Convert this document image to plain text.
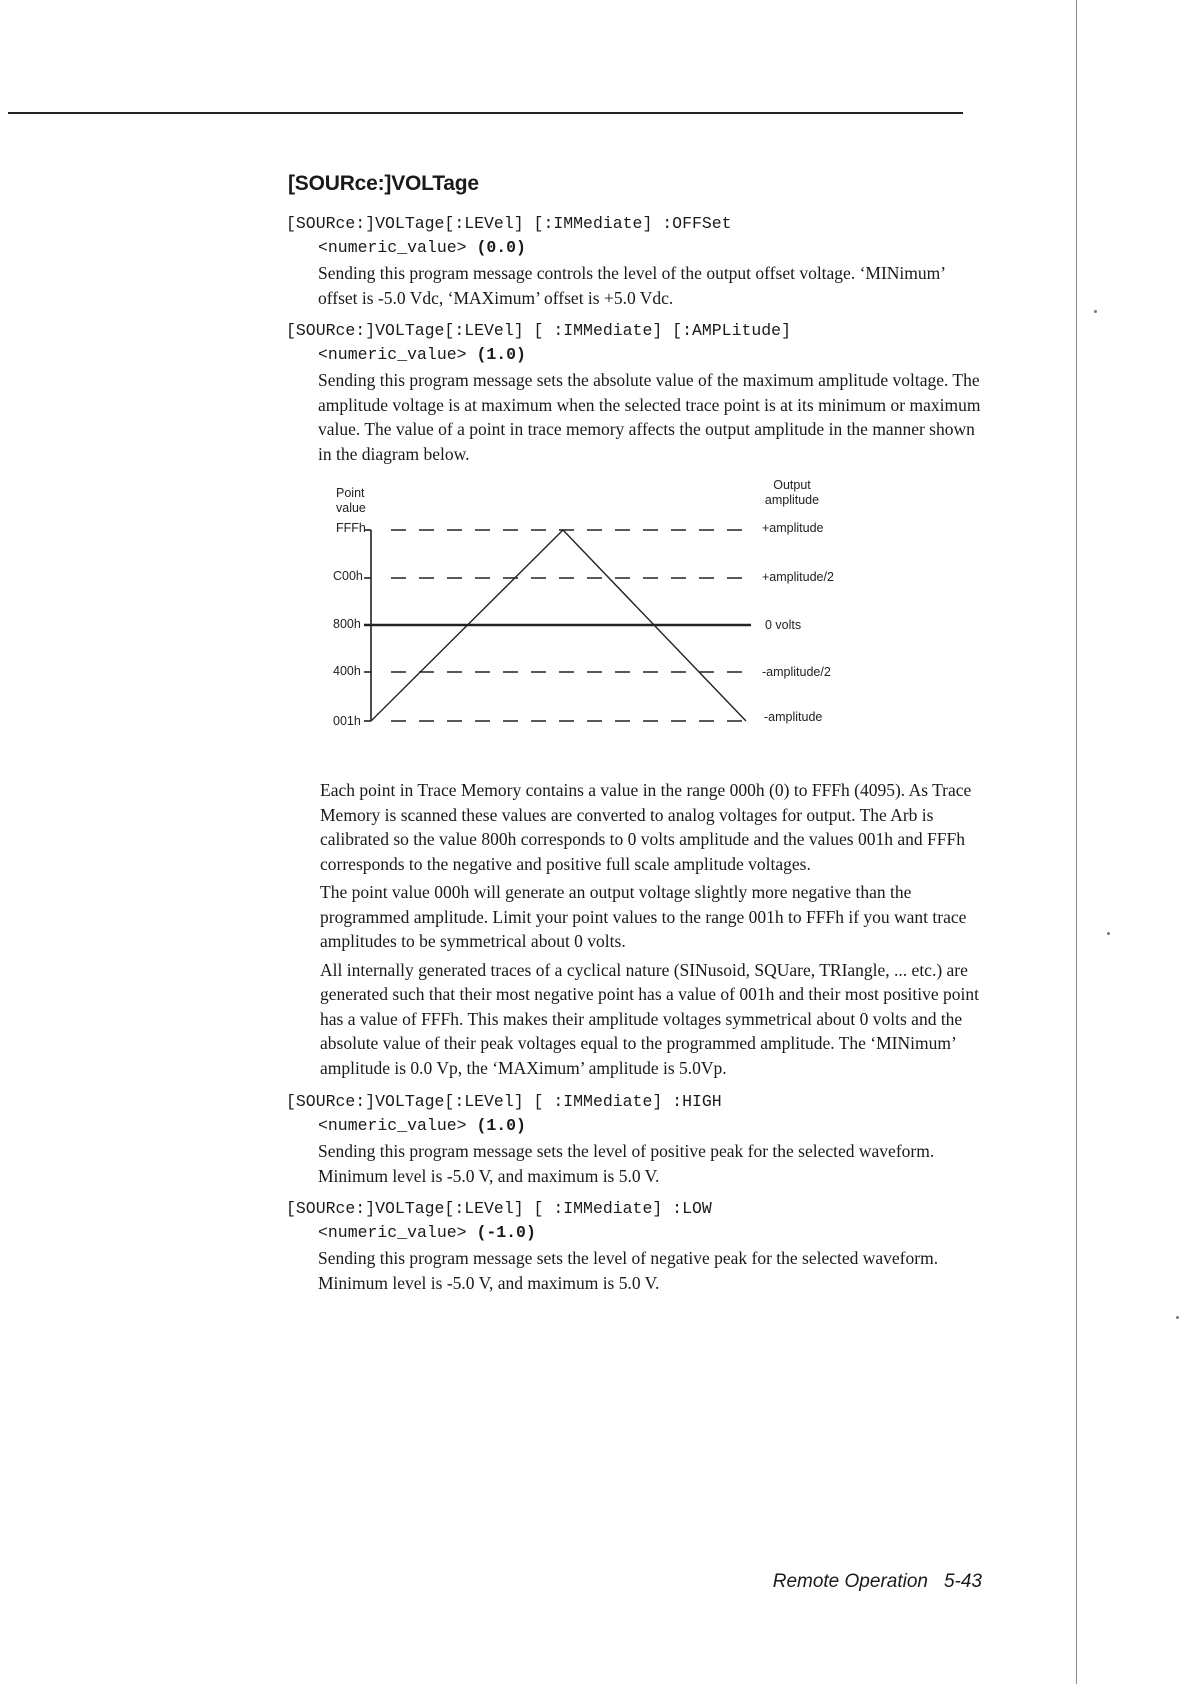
[SOURce:]VOLTage
[SOURce:]VOLTage[:LEVel] [:IMMediate] :OFFSet
<numeric_value> (0.0)
Sending this program message controls the level of the output offset voltage. ‘MINimum’ offset is -5.0 Vdc, ‘MAXimum’ offset is +5.0 Vdc.
[SOURce:]VOLTage[:LEVel] [ :IMMediate] [:AMPLitude]
<numeric_value> (1.0)
Sending this program message sets the absolute value of the maximum amplitude voltage. The amplitude voltage is at maximum when the selected trace point is at its minimum or maximum value. The value of a point in trace memory affects the output amplitude in the manner shown in the diagram below.
Point
value
Output
amplitude
FFFh
C00h
800h
400h
001h
+amplitude
+amplitude/2
0 volts
-amplitude/2
-amplitude
Each point in Trace Memory contains a value in the range 000h (0) to FFFh (4095). As Trace Memory is scanned these values are converted to analog voltages for output. The Arb is calibrated so the value 800h corresponds to 0 volts amplitude and the values 001h and FFFh corresponds to the negative and positive full scale amplitude voltages.
The point value 000h will generate an output voltage slightly more negative than the programmed amplitude. Limit your point values to the range 001h to FFFh if you want trace amplitudes to be symmetrical about 0 volts.
All internally generated traces of a cyclical nature (SINusoid, SQUare, TRIangle, ... etc.) are generated such that their most negative point has a value of 001h and their most positive point has a value of FFFh. This makes their amplitude voltages symmetrical about 0 volts and the absolute value of their peak voltages equal to the programmed amplitude. The ‘MINimum’ amplitude is 0.0 Vp, the ‘MAXimum’ amplitude is 5.0Vp.
[SOURce:]VOLTage[:LEVel] [ :IMMediate] :HIGH
<numeric_value> (1.0)
Sending this program message sets the level of positive peak for the selected waveform. Minimum level is -5.0 V, and maximum is 5.0 V.
[SOURce:]VOLTage[:LEVel] [ :IMMediate] :LOW
<numeric_value> (-1.0)
Sending this program message sets the level of negative peak for the selected waveform. Minimum level is -5.0 V, and maximum is 5.0 V.
Remote Operation 5-43
